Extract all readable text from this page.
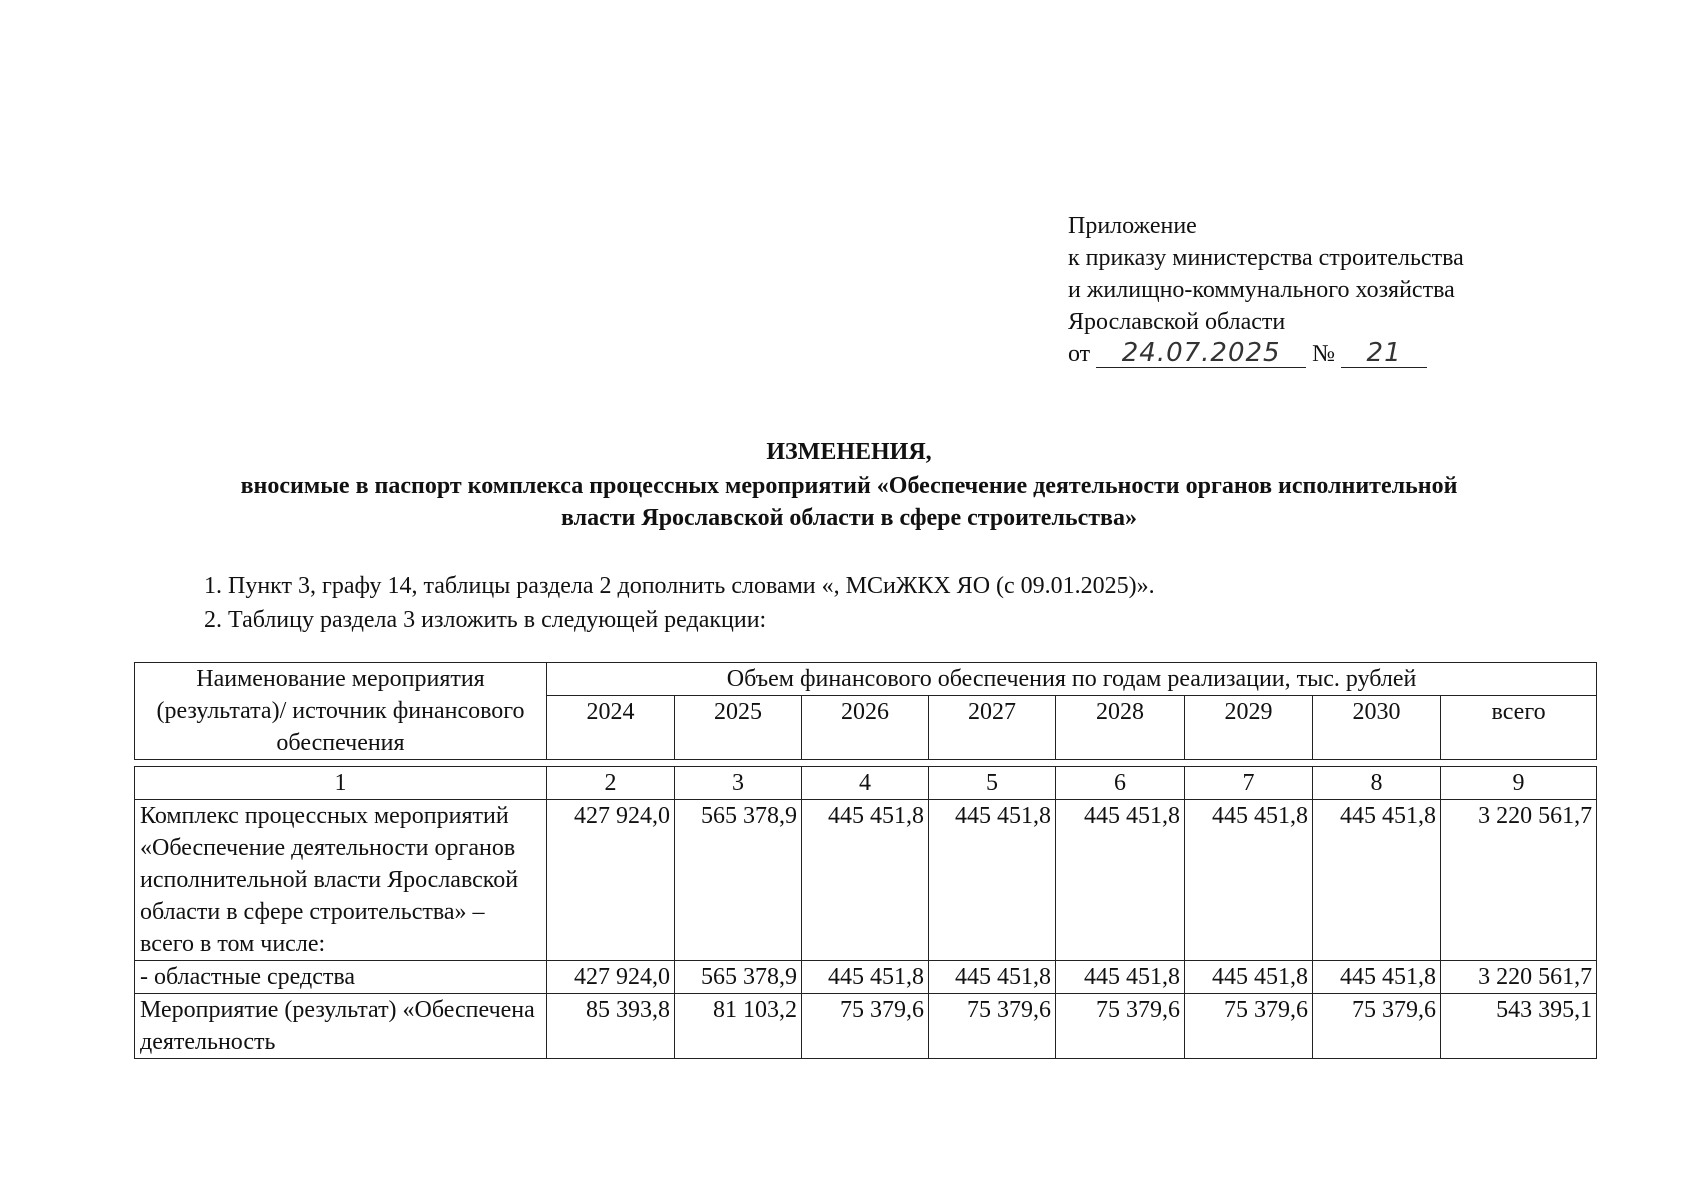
Приложение
к приказу министерства строительства
и жилищно-коммунального хозяйства
Ярославской области
от 24.07.2025 № 21
ИЗМЕНЕНИЯ,
вносимые в паспорт комплекса процессных мероприятий «Обеспечение деятельности органов исполнительной
власти Ярославской области в сфере строительства»
1. Пункт 3, графу 14, таблицы раздела 2 дополнить словами «, МСиЖКХ ЯО (с 09.01.2025)».
2. Таблицу раздела 3 изложить в следующей редакции:
Наименование мероприятия (результата)/ источник финансового обеспечения	Объем финансового обеспечения по годам реализации, тыс. рублей							
	2024	2025	2026	2027	2028	2029	2030	всего

1	2	3	4	5	6	7	8	9
Комплекс процессных мероприятий «Обеспечение деятельности органов исполнительной власти Ярославской области в сфере строительства» – всего в том числе:	427 924,0	565 378,9	445 451,8	445 451,8	445 451,8	445 451,8	445 451,8	3 220 561,7
- областные средства	427 924,0	565 378,9	445 451,8	445 451,8	445 451,8	445 451,8	445 451,8	3 220 561,7
Мероприятие (результат) «Обеспечена деятельность	85 393,8	81 103,2	75 379,6	75 379,6	75 379,6	75 379,6	75 379,6	543 395,1
